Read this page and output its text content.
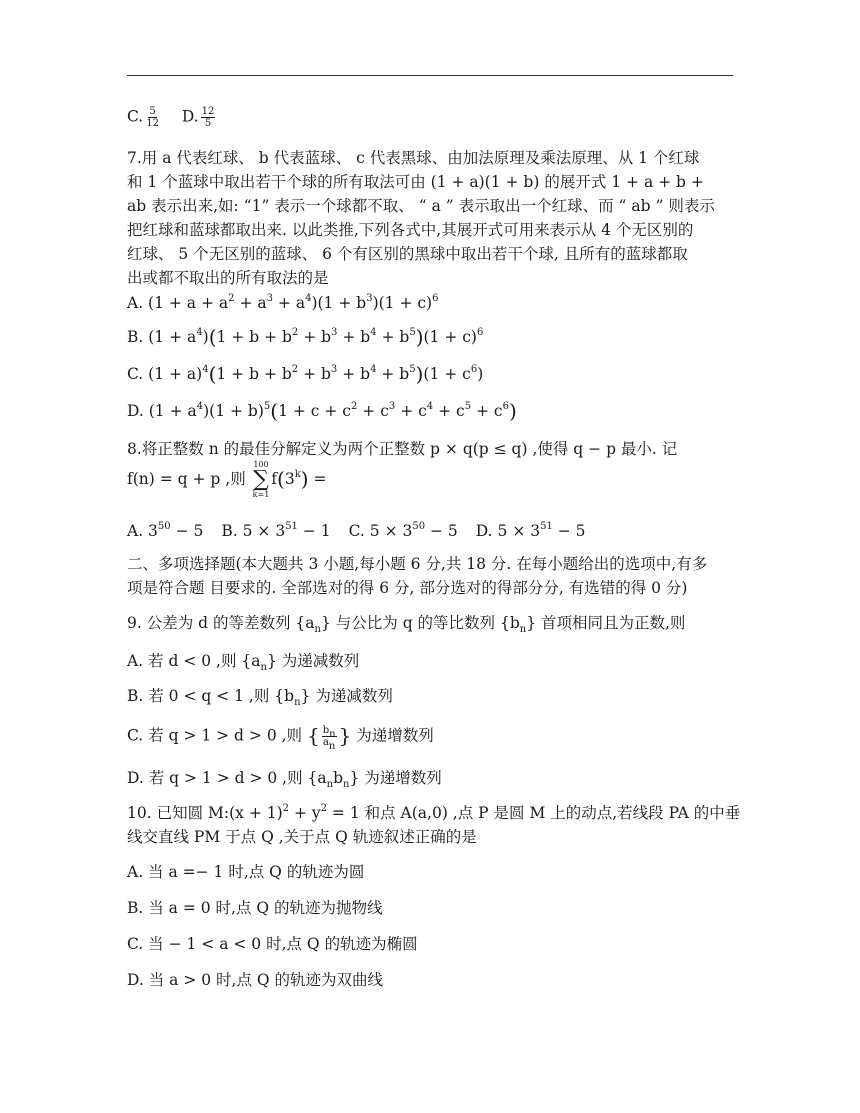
C. $\frac{5}{12} D$. $\frac{12}{5}$
7.用 a 代表红球、 b 代表蓝球、 c 代表黑球、由加法原理及乘法原理、从 1 个红球
和 1 个蓝球中取出若干个球的所有取法可由 (1 + a)(1 + b) 的展开式 1 + a + b +
ab 表示出来,如: “1” 表示一个球都不取、 “ a ” 表示取出一个红球、而 “ ab ” 则表示
把红球和蓝球都取出来. 以此类推,下列各式中,其展开式可用来表示从 4 个无区别的
红球、 5 个无区别的蓝球、 6 个有区别的黑球中取出若干个球, 且所有的蓝球都取
出或都不取出的所有取法的是
A. $(1 + a + a^2 + a^3 + a^4)(1 + b^3)(1 + c)^6$
B. $(1 + a^4)(1 + b + b^2 + b^3 + b^4 + b^5)(1 + c)^6$
C. $(1 + a)^4(1 + b + b^2 + b^3 + b^4 + b^5)(1 + c^6)$
D. $(1 + a^4)(1 + b)^5(1 + c + c^2 + c^3 + c^4 + c^5 + c^6)$
8.将正整数 n 的最佳分解定义为两个正整数 p × q(p ≤ q) ,使得 q − p 最小. 记
f(n) = q + p ,则
100
∑
k=1
$f(3^k)$ =
A. $3^{50} - 5$ B. $5 \times 3^{51} - 1$ C. $5 \times 3^{50} - 5$ D. $5 \times 3^{51} - 5$
二、多项选择题(本大题共 3 小题,每小题 6 分,共 18 分. 在每小题给出的选项中,有多
项是符合题 目要求的. 全部选对的得 6 分, 部分选对的得部分分, 有选错的得 0 分)
9. 公差为 d 的等差数列 $\{a_n\}$ 与公比为 q 的等比数列 $\{b_n\}$ 首项相同且为正数,则
A. 若 d < 0 ,则 $\{a_n\}$ 为递减数列
B. 若 0 < q < 1 ,则 $\{b_n\}$ 为递减数列
C. 若 q > 1 > d > 0 ,则 { $\frac{b_n}{a_n}$ } 为递增数列
D. 若 q > 1 > d > 0 ,则 $\{a_nb_n\}$ 为递增数列
10. 已知圆 M:(x + $1)^2 + y^2 = 1$ 和点 A(a,0) ,点 P 是圆 M 上的动点,若线段 PA 的中垂
线交直线 PM 于点 Q ,关于点 Q 轨迹叙述正确的是
A. 当 a =− 1 时,点 Q 的轨迹为圆
B. 当 a = 0 时,点 Q 的轨迹为抛物线
C. 当 − 1 < a < 0 时,点 Q 的轨迹为椭圆
D. 当 a > 0 时,点 Q 的轨迹为双曲线
